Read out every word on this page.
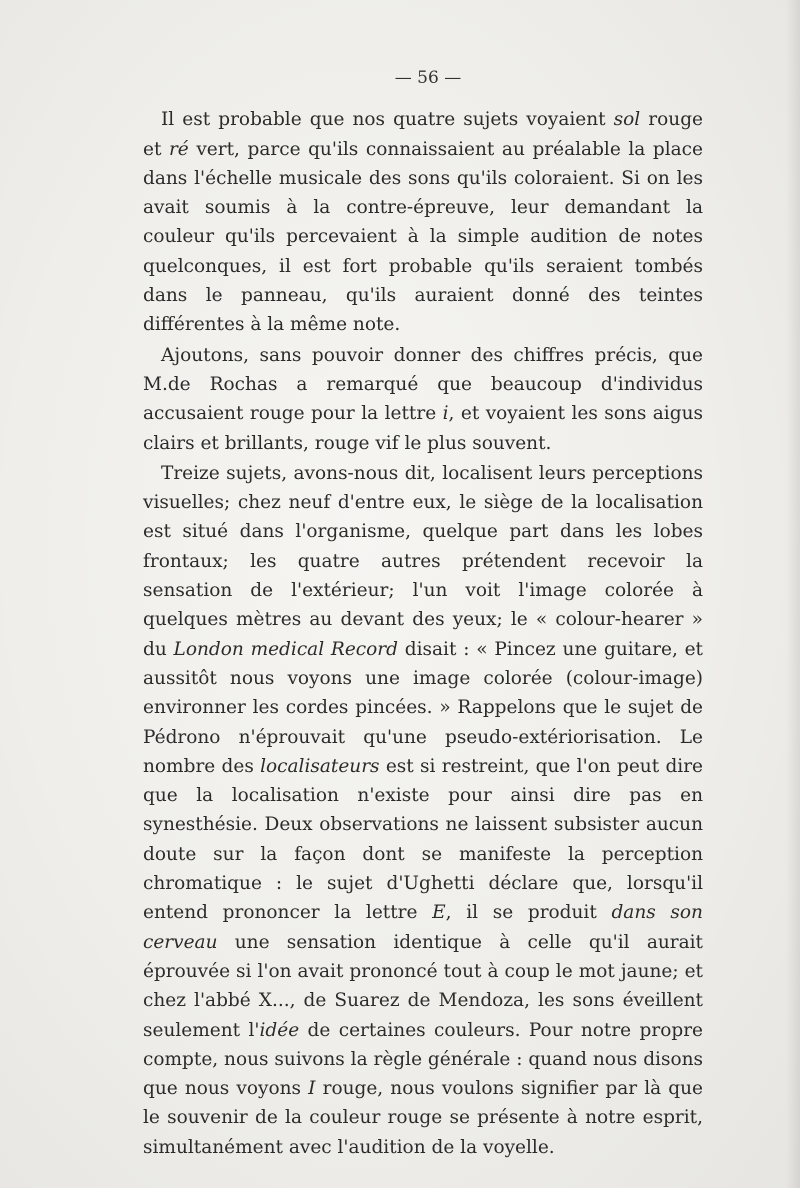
— 56 —

Il est probable que nos quatre sujets voyaient sol rouge et ré vert, parce qu'ils connaissaient au préalable la place dans l'échelle musicale des sons qu'ils coloraient. Si on les avait soumis à la contre-épreuve, leur demandant la couleur qu'ils percevaient à la simple audition de notes quelconques, il est fort probable qu'ils seraient tombés dans le panneau, qu'ils auraient donné des teintes différentes à la même note.

Ajoutons, sans pouvoir donner des chiffres précis, que M.de Rochas a remarqué que beaucoup d'individus accusaient rouge pour la lettre i, et voyaient les sons aigus clairs et brillants, rouge vif le plus souvent.

Treize sujets, avons-nous dit, localisent leurs perceptions visuelles; chez neuf d'entre eux, le siège de la localisation est situé dans l'organisme, quelque part dans les lobes frontaux; les quatre autres prétendent recevoir la sensation de l'extérieur; l'un voit l'image colorée à quelques mètres au devant des yeux; le « colour-hearer » du London medical Record disait : « Pincez une guitare, et aussitôt nous voyons une image colorée (colour-image) environner les cordes pincées. » Rappelons que le sujet de Pédrono n'éprouvait qu'une pseudo-extériorisation. Le nombre des localisateurs est si restreint, que l'on peut dire que la localisation n'existe pour ainsi dire pas en synesthésie. Deux observations ne laissent subsister aucun doute sur la façon dont se manifeste la perception chromatique : le sujet d'Ughetti déclare que, lorsqu'il entend prononcer la lettre E, il se produit dans son cerveau une sensation identique à celle qu'il aurait éprouvée si l'on avait prononcé tout à coup le mot jaune; et chez l'abbé X..., de Suarez de Mendoza, les sons éveillent seulement l'idée de certaines couleurs. Pour notre propre compte, nous suivons la règle générale : quand nous disons que nous voyons I rouge, nous voulons signifier par là que le souvenir de la couleur rouge se présente à notre esprit, simultanément avec l'audition de la voyelle.
